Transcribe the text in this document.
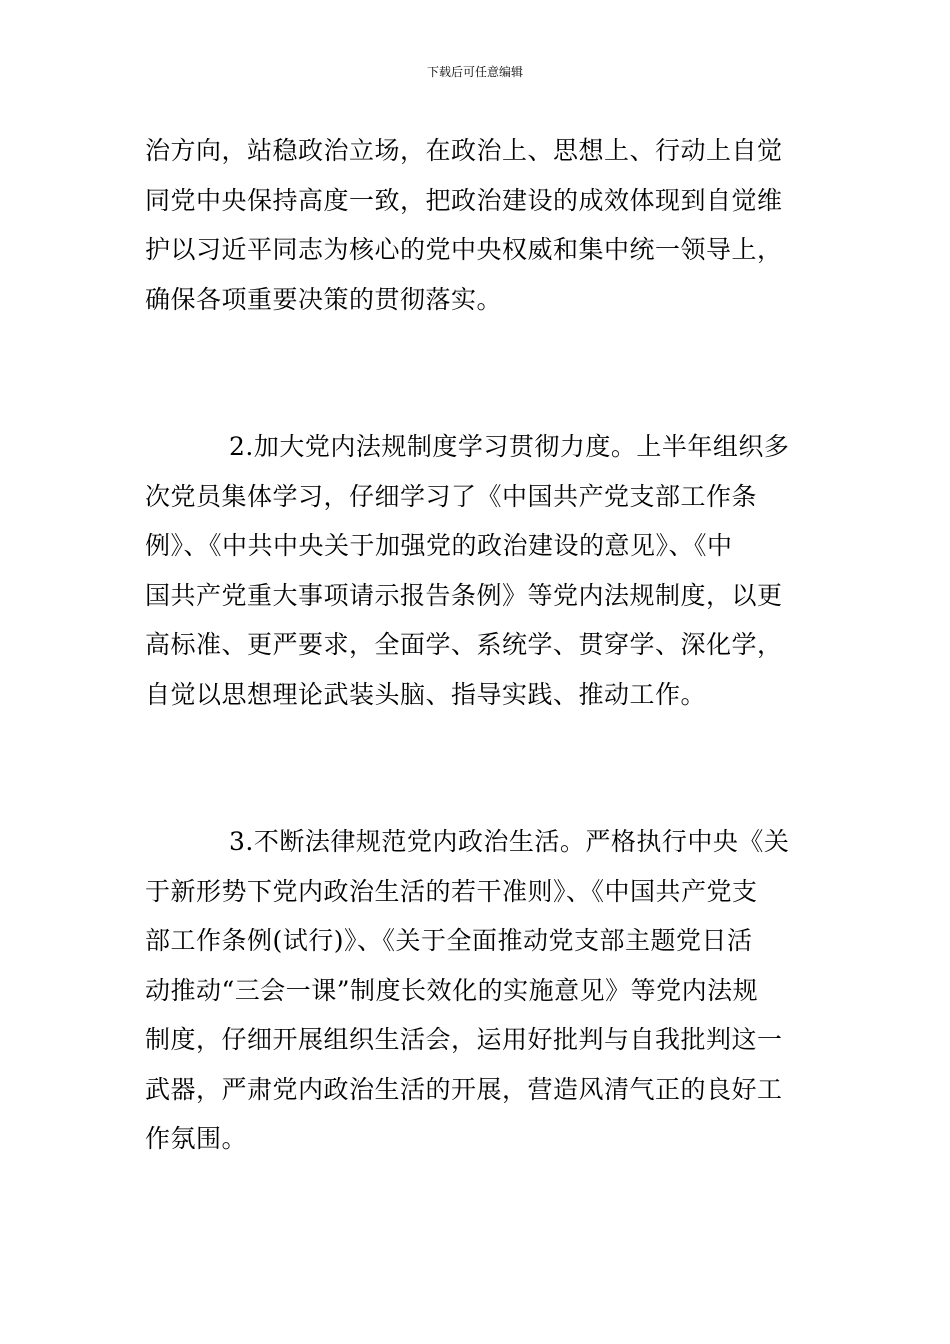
下载后可任意编辑
治方向，站稳政治立场，在政治上、思想上、行动上自觉
同党中央保持高度一致，把政治建设的成效体现到自觉维
护以习近平同志为核心的党中央权威和集中统一领导上，
确保各项重要决策的贯彻落实。
2.加大党内法规制度学习贯彻力度。上半年组织多
次党员集体学习，仔细学习了《中国共产党支部工作条
例》、《中共中央关于加强党的政治建设的意见》、《中
国共产党重大事项请示报告条例》等党内法规制度，以更
高标准、更严要求，全面学、系统学、贯穿学、深化学，
自觉以思想理论武装头脑、指导实践、推动工作。
3.不断法律规范党内政治生活。严格执行中央《关
于新形势下党内政治生活的若干准则》、《中国共产党支
部工作条例(试行)》、《关于全面推动党支部主题党日活
动推动“三会一课”制度长效化的实施意见》等党内法规
制度，仔细开展组织生活会，运用好批判与自我批判这一
武器，严肃党内政治生活的开展，营造风清气正的良好工
作氛围。
